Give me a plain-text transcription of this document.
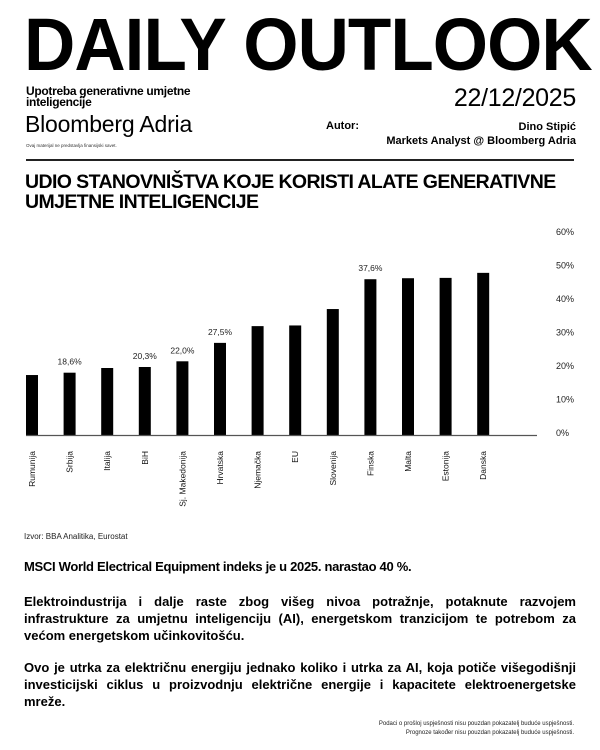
DAILY OUTLOOK
Upotreba generativne umjetne inteligencije
Bloomberg Adria
Ovaj materijal ne predstavlja finansijski savet.
22/12/2025
Autor:	Dino Stipić
Markets Analyst @ Bloomberg Adria
UDIO STANOVNIŠTVA KOJE KORISTI ALATE GENERATIVNE UMJETNE INTELIGENCIJE
Rumunija	Srbija	Italija	BiH	Sj. Makedonija	Hrvatska	Njemačka	EU	Slovenija	Finska	Malta	Estonija	Danska
0%
10%
20%
30%
40%
50%
60%
18,6%
20,3%
22,0%
27,5%
37,6%
Izvor: BBA Analitika, Eurostat
MSCI World Electrical Equipment indeks je u 2025. narastao 40 %.
Elektroindustrija i dalje raste zbog višeg nivoa potražnje, potaknute razvojem infrastrukture za umjetnu inteligenciju (AI), energetskom tranzicijom te potrebom za većom energetskom učinkovitošću.
Ovo je utrka za električnu energiju jednako koliko i utrka za AI, koja potiče višegodišnji investicijski ciklus u proizvodnju električne energije i kapacitete elektroenergetske mreže.
Podaci o prošloj uspješnosti nisu pouzdan pokazatelj buduće uspješnosti.
Prognoze također nisu pouzdan pokazatelj buduće uspješnosti.
